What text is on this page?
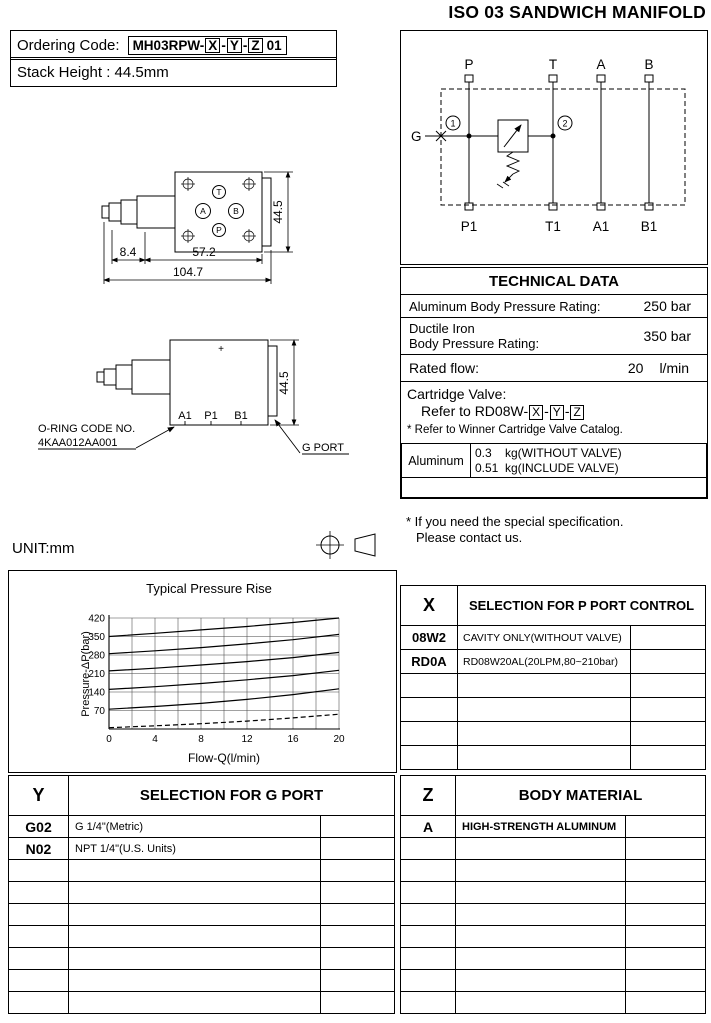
ISO 03 SANDWICH MANIFOLD
Ordering Code: MH03RPW- X - Y - Z 01
Stack Height : 44.5mm	P	T	A	B
P1	T1 A1 B1
G
1	2
T
A	B
P
44.5
8.4	57.2
104.7
+
A1 P1 B1
44.5
O-RING CODE NO.
4KAA012AA001	G PORT
UNIT:mm
TECHNICAL DATA
Aluminum Body Pressure Rating:	250 bar
Ductile Iron
Body Pressure Rating:	350 bar
Rated flow:	20 l/min
Cartridge Valve:
Refer to RD08W- X - Y - Z
* Refer to Winner Cartridge Valve Catalog.
Aluminum	
0.3 kg(WITHOUT VALVE)
0.51 kg(INCLUDE VALVE)

* If you need the special specification.
Please contact us.
Typical Pressure Rise
Pressure-ΔP(bar)
Flow-Q(l/min)
0	4	8	12	16	20
70
140
210
280
350
420
X	SELECTION FOR P PORT CONTROL	
08W2	CAVITY ONLY(WITHOUT VALVE)	
RD0A	RD08W20AL(20LPM,80~210bar)	

Y	SELECTION FOR G PORT	
G02	G 1/4"(Metric)	
N02	NPT 1/4"(U.S. Units)	

Z	BODY MATERIAL	
A	HIGH-STRENGTH ALUMINUM	
